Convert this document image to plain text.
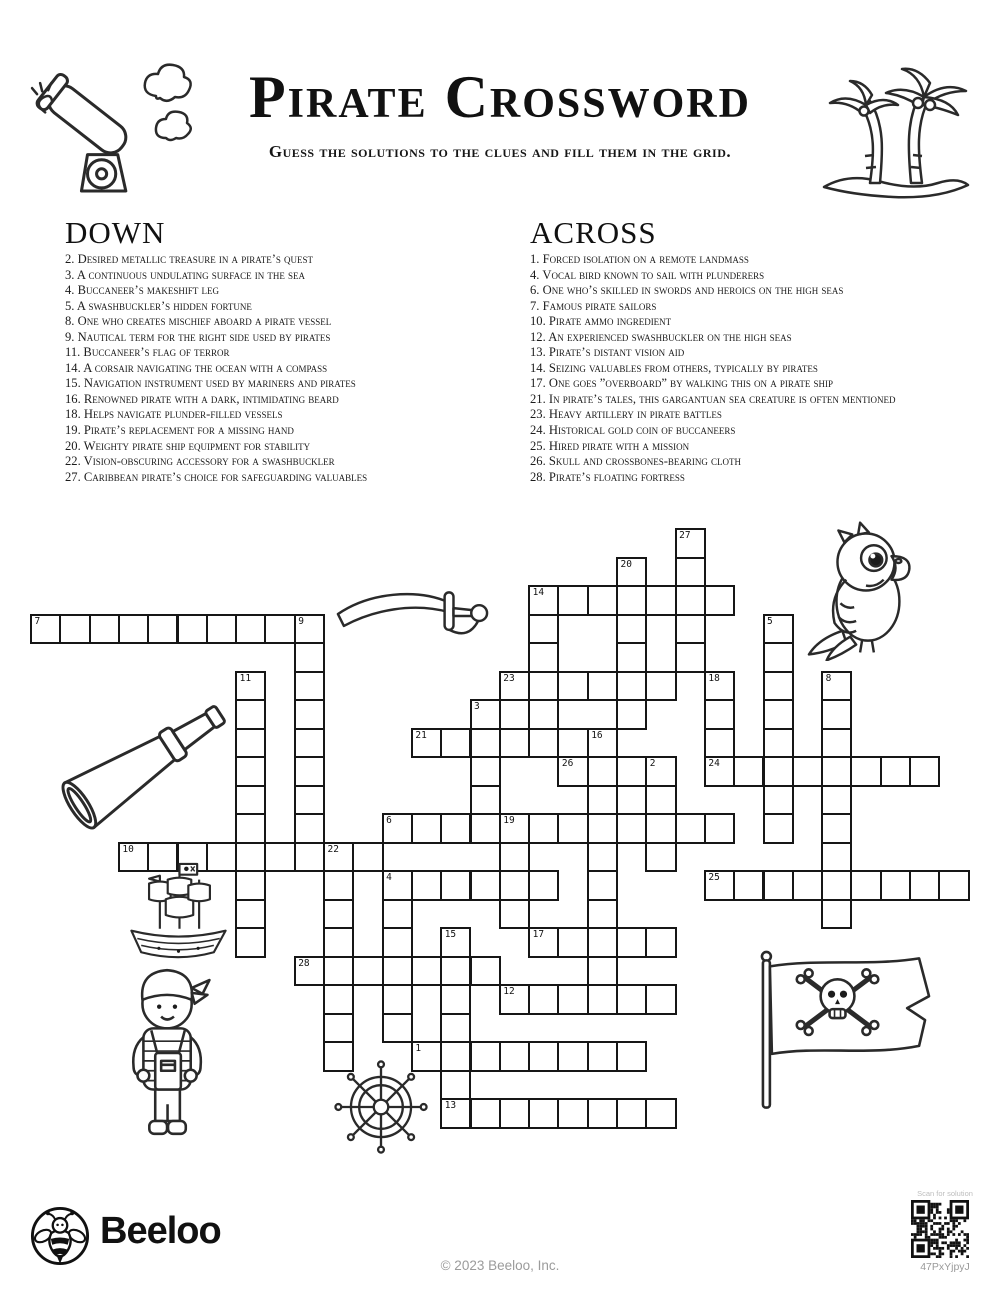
Pirate Crossword
Guess the solutions to the clues and fill them in the grid.
DOWN
2. Desired metallic treasure in a pirate’s quest
3. A continuous undulating surface in the sea
4. Buccaneer’s makeshift leg
5. A swashbuckler’s hidden fortune
8. One who creates mischief aboard a pirate vessel
9. Nautical term for the right side used by pirates
11. Buccaneer’s flag of terror
14. A corsair navigating the ocean with a compass
15. Navigation instrument used by mariners and pirates
16. Renowned pirate with a dark, intimidating beard
18. Helps navigate plunder-filled vessels
19. Pirate’s replacement for a missing hand
20. Weighty pirate ship equipment for stability
22. Vision-obscuring accessory for a swashbuckler
27. Caribbean pirate’s choice for safeguarding valuables
ACROSS
1. Forced isolation on a remote landmass
4. Vocal bird known to sail with plunderers
6. One who’s skilled in swords and heroics on the high seas
7. Famous pirate sailors
10. Pirate ammo ingredient
12. An experienced swashbuckler on the high seas
13. Pirate’s distant vision aid
14. Seizing valuables from others, typically by pirates
17. One goes ”overboard” by walking this on a pirate ship
21. In pirate’s tales, this gargantuan sea creature is often mentioned
23. Heavy artillery in pirate battles
24. Historical gold coin of buccaneers
25. Hired pirate with a mission
26. Skull and crossbones-bearing cloth
28. Pirate’s floating fortress
27
20
14
7	9	5
11	23	18
24
8
3
21	16
26	2
6	19
10	22
4	25
15
13
17
28
12
1
Beeloo
© 2023 Beeloo, Inc.
Scan for solution
47PxYjpyJ
